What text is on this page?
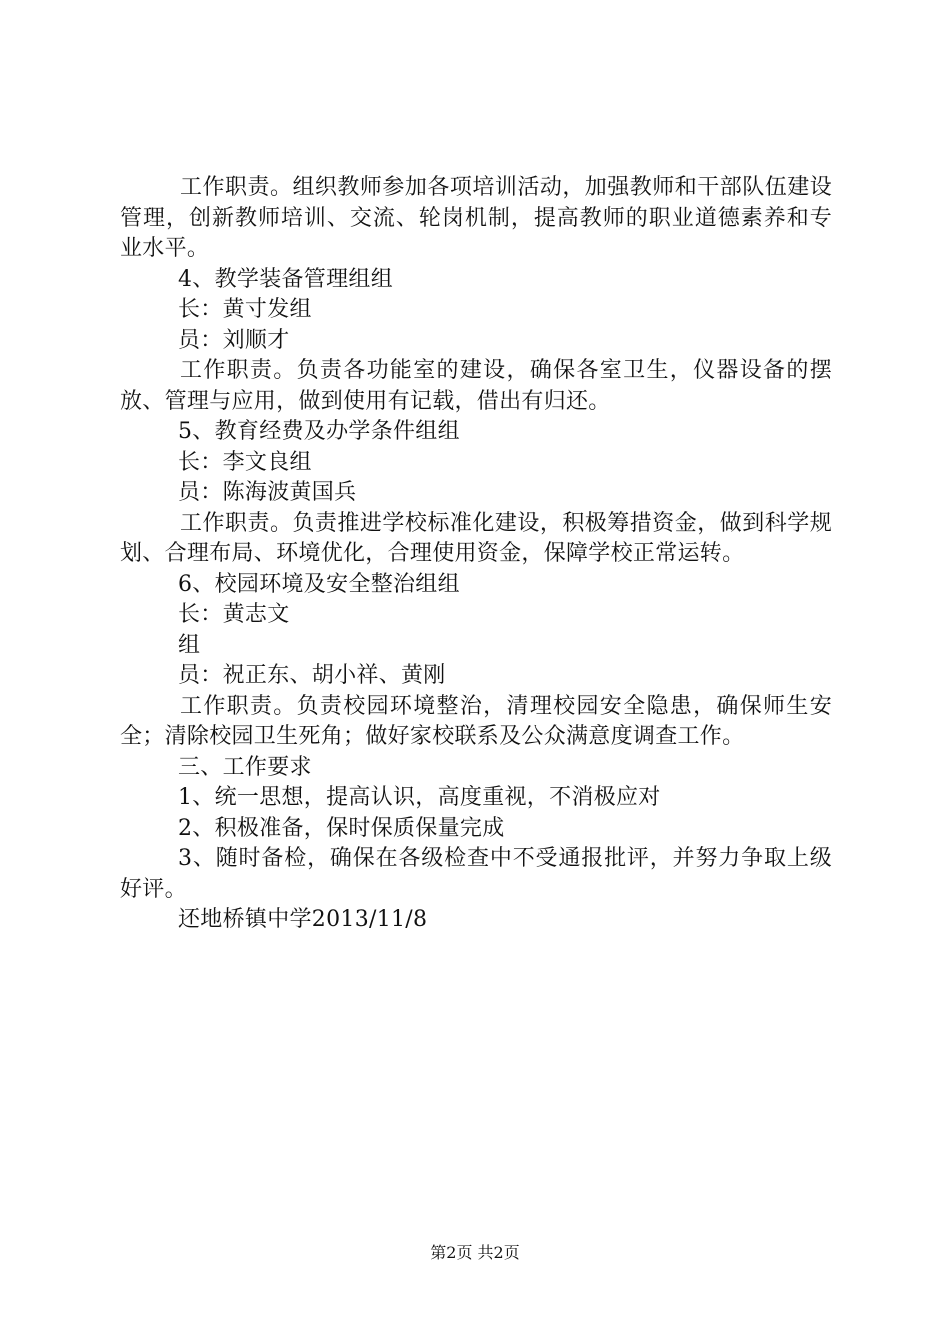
工作职责。组织教师参加各项培训活动，加强教师和干部队伍建设管理，创新教师培训、交流、轮岗机制，提高教师的职业道德素养和专业水平。

4、教学装备管理组组

长：黄寸发组

员：刘顺才

工作职责。负责各功能室的建设，确保各室卫生，仪器设备的摆放、管理与应用，做到使用有记载，借出有归还。

5、教育经费及办学条件组组

长：李文良组

员：陈海波黄国兵

工作职责。负责推进学校标准化建设，积极筹措资金，做到科学规划、合理布局、环境优化，合理使用资金，保障学校正常运转。

6、校园环境及安全整治组组

长：黄志文

组

员：祝正东、胡小祥、黄刚

工作职责。负责校园环境整治，清理校园安全隐患，确保师生安全；清除校园卫生死角；做好家校联系及公众满意度调查工作。

三、工作要求

1、统一思想，提高认识，高度重视，不消极应对

2、积极准备，保时保质保量完成

3、随时备检，确保在各级检查中不受通报批评，并努力争取上级好评。

还地桥镇中学2013/11/8

第2页 共2页
